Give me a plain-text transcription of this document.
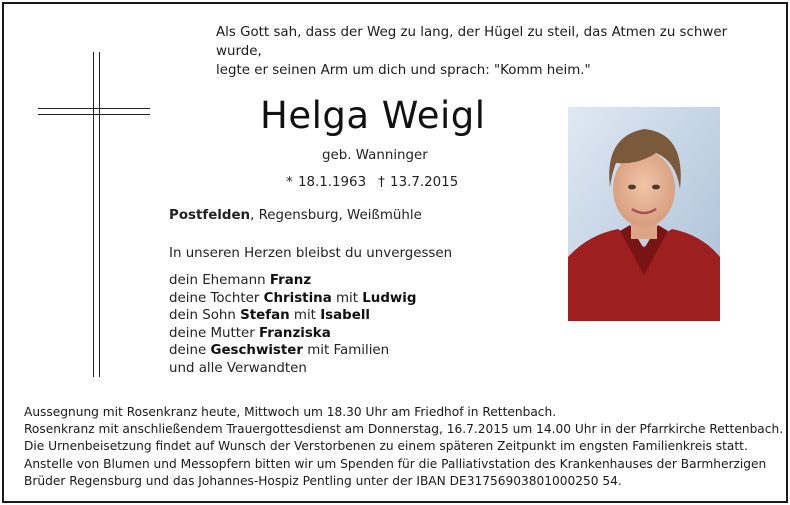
Als Gott sah, dass der Weg zu lang, der Hügel zu steil, das Atmen zu schwer wurde,
legte er seinen Arm um dich und sprach: "Komm heim."
Helga Weigl
geb. Wanninger
* 18.1.1963 † 13.7.2015
Postfelden, Regensburg, Weißmühle
In unseren Herzen bleibst du unvergessen
dein Ehemann Franz
deine Tochter Christina mit Ludwig
dein Sohn Stefan mit Isabell
deine Mutter Franziska
deine Geschwister mit Familien
und alle Verwandten
Aussegnung mit Rosenkranz heute, Mittwoch um 18.30 Uhr am Friedhof in Rettenbach.
Rosenkranz mit anschließendem Trauergottesdienst am Donnerstag, 16.7.2015 um 14.00 Uhr in der Pfarrkirche Rettenbach.
Die Urnenbeisetzung findet auf Wunsch der Verstorbenen zu einem späteren Zeitpunkt im engsten Familienkreis statt.
Anstelle von Blumen und Messopfern bitten wir um Spenden für die Palliativstation des Krankenhauses der Barmherzigen
Brüder Regensburg und das Johannes-Hospiz Pentling unter der IBAN DE31756903801000250 54.
